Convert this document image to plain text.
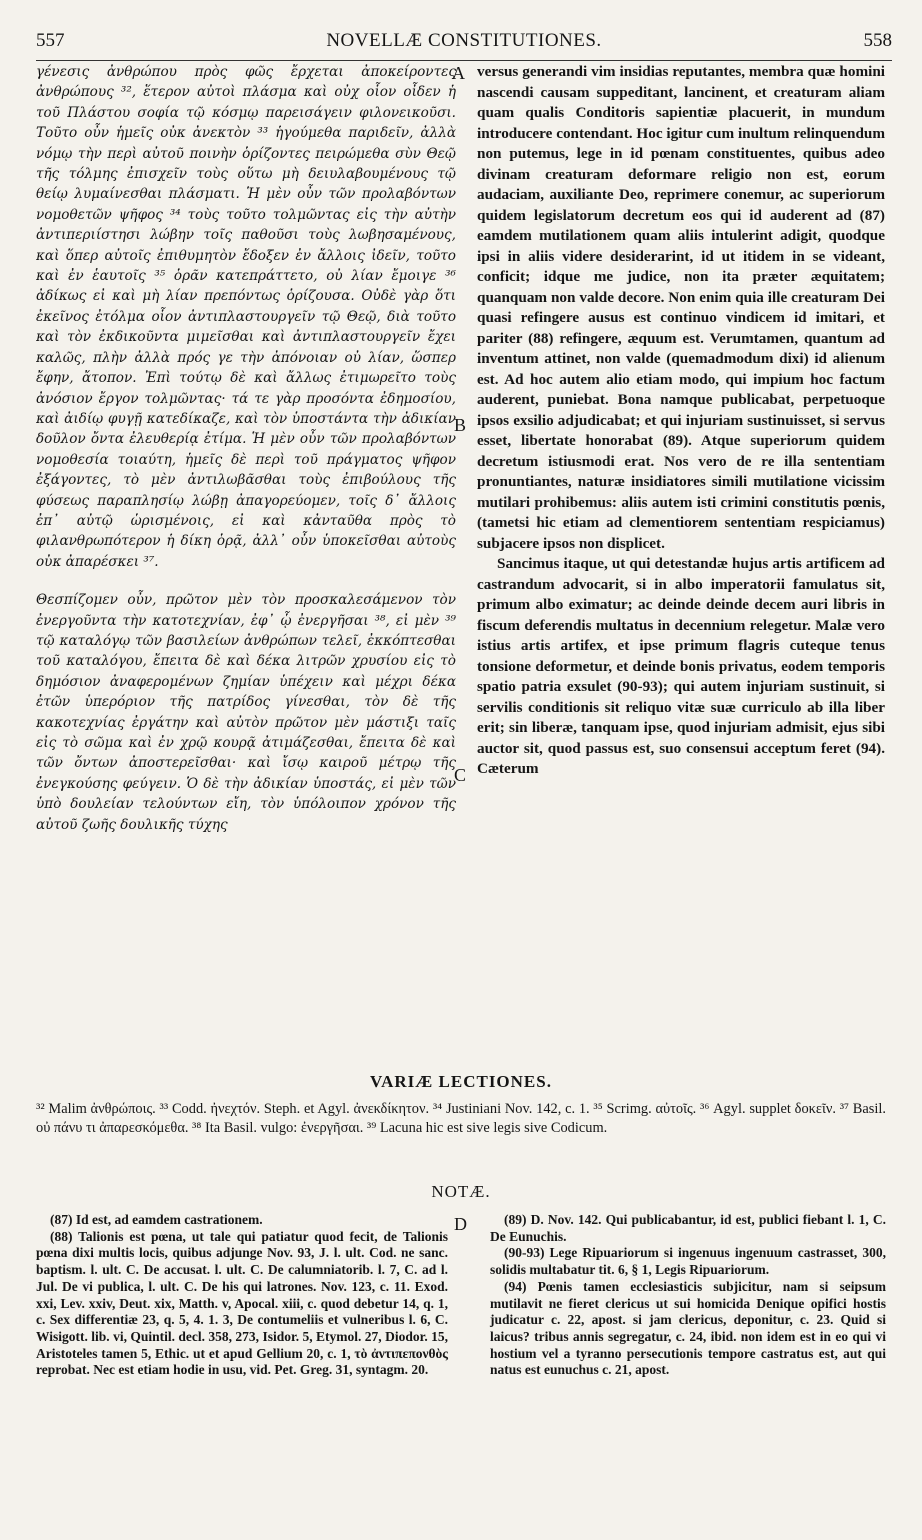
557	NOVELLÆ CONSTITUTIONES.	558

γένεσις ἀνθρώπου πρὸς φῶς ἔρχεται ἀποκείροντες ἀνθρώπους ³², ἕτερον αὐτοὶ πλάσμα καὶ οὐχ οἷον οἶδεν ἡ τοῦ Πλάστου σοφία τῷ κόσμῳ παρεισάγειν φιλονεικοῦσι. Τοῦτο οὖν ἡμεῖς οὐκ ἀνεκτὸν ³³ ἡγούμεθα παριδεῖν, ἀλλὰ νόμῳ τὴν περὶ αὐτοῦ ποινὴν ὁρίζοντες πειρώμεθα σὺν Θεῷ τῆς τόλμης ἐπισχεῖν τοὺς οὕτω μὴ δειυλαβουμένους τῷ θείῳ λυμαίνεσθαι πλάσματι. Ἡ μὲν οὖν τῶν προλαβόντων νομοθετῶν ψῆφος ³⁴ τοὺς τοῦτο τολμῶντας εἰς τὴν αὐτὴν ἀντιπεριίστησι λώβην τοῖς παθοῦσι τοὺς λωβησαμένους, καὶ ὅπερ αὐτοῖς ἐπιθυμητὸν ἔδοξεν ἐν ἄλλοις ἰδεῖν, τοῦτο καὶ ἐν ἑαυτοῖς ³⁵ ὁρᾶν κατεπράττετο, οὐ λίαν ἔμοιγε ³⁶ ἀδίκως εἰ καὶ μὴ λίαν πρεπόντως ὁρίζουσα. Οὐδὲ γὰρ ὅτι ἐκεῖνος ἐτόλμα οἷον ἀντιπλαστουργεῖν τῷ Θεῷ, διὰ τοῦτο καὶ τὸν ἐκδικοῦντα μιμεῖσθαι καὶ ἀντιπλαστουργεῖν ἔχει καλῶς, πλὴν ἀλλὰ πρός γε τὴν ἀπόνοιαν οὐ λίαν, ὥσπερ ἔφην, ἄτοπον. Ἐπὶ τούτῳ δὲ καὶ ἄλλως ἐτιμωρεῖτο τοὺς ἀνόσιον ἔργον τολμῶντας· τά τε γὰρ προσόντα ἐδημοσίου, καὶ ἀιδίῳ φυγῇ κατεδίκαζε, καὶ τὸν ὑποστάντα τὴν ἀδικίαν δοῦλον ὄντα ἐλευθερίᾳ ἐτίμα. Ἡ μὲν οὖν τῶν προλαβόντων νομοθεσία τοιαύτη, ἡμεῖς δὲ περὶ τοῦ πράγματος ψῆφον ἐξάγοντες, τὸ μὲν ἀντιλωβᾶσθαι τοὺς ἐπιβούλους τῆς φύσεως παραπλησίῳ λώβῃ ἀπαγορεύομεν, τοῖς δ᾽ ἄλλοις ἐπ᾽ αὐτῷ ὡρισμένοις, εἰ καὶ κἀνταῦθα πρὸς τὸ φιλανθρωπότερον ἡ δίκη ὁρᾷ, ἀλλ᾽ οὖν ὑποκεῖσθαι αὐτοὺς οὐκ ἀπαρέσκει ³⁷.

Θεσπίζομεν οὖν, πρῶτον μὲν τὸν προσκαλεσάμενον τὸν ἐνεργοῦντα τὴν κατοτεχνίαν, ἐφ᾽ ᾧ ἐνεργῆσαι ³⁸, εἰ μὲν ³⁹ τῷ καταλόγῳ τῶν βασιλείων ἀνθρώπων τελεῖ, ἐκκόπτεσθαι τοῦ καταλόγου, ἔπειτα δὲ καὶ δέκα λιτρῶν χρυσίου εἰς τὸ δημόσιον ἀναφερομένων ζημίαν ὑπέχειν καὶ μέχρι δέκα ἐτῶν ὑπερόριον τῆς πατρίδος γίνεσθαι, τὸν δὲ τῆς κακοτεχνίας ἐργάτην καὶ αὐτὸν πρῶτον μὲν μάστιξι ταῖς εἰς τὸ σῶμα καὶ ἐν χρῷ κουρᾷ ἀτιμάζεσθαι, ἔπειτα δὲ καὶ τῶν ὄντων ἀποστερεῖσθαι· καὶ ἴσῳ καιροῦ μέτρῳ τῆς ἐνεγκούσης φεύγειν. Ὁ δὲ τὴν ἀδικίαν ὑποστάς, εἰ μὲν τῶν ὑπὸ δουλείαν τελούντων εἴη, τὸν ὑπόλοιπον χρόνον τῆς αὐτοῦ ζωῆς δουλικῆς τύχης

A
B
C

versus generandi vim insidias reputantes, membra quæ homini nascendi causam suppeditant, lancinent, et creaturam aliam quam qualis Conditoris sapientiæ placuerit, in mundum introducere contendant. Hoc igitur cum inultum relinquendum non putemus, lege in id pœnam constituentes, quibus adeo divinam creaturam deformare religio non est, eorum audaciam, auxiliante Deo, reprimere conemur, ac superiorum quidem legislatorum decretum eos qui id auderent ad (87) eamdem mutilationem quam aliis intulerint adigit, quodque ipsi in aliis videre desiderarint, id ut itidem in se videant, conficit; idque me judice, non ita præter æquitatem; quanquam non valde decore. Non enim quia ille creaturam Dei quasi refingere ausus est continuo vindicem id imitari, et pariter (88) refingere, æquum est. Verumtamen, quantum ad inventum attinet, non valde (quemadmodum dixi) id alienum est. Ad hoc autem alio etiam modo, qui impium hoc factum auderent, puniebat. Bona namque publicabat, perpetuoque ipsos exsilio adjudicabat; et qui injuriam sustinuisset, si servus esset, libertate honorabat (89). Atque superiorum quidem decretum istiusmodi erat. Nos vero de re illa sententiam pronuntiantes, naturæ insidiatores simili mutilatione vicissim mutilari prohibemus: aliis autem isti crimini constitutis pœnis, (tametsi hic etiam ad clementiorem sententiam respiciamus) subjacere ipsos non displicet.

Sancimus itaque, ut qui detestandæ hujus artis artificem ad castrandum advocarit, si in albo imperatorii famulatus sit, primum albo eximatur; ac deinde deinde decem auri libris in fiscum deferendis multatus in decennium relegetur. Malæ vero istius artis artifex, et ipse primum flagris cuteque tenus tonsione deformetur, et deinde bonis privatus, eodem temporis spatio patria exsulet (90-93); qui autem injuriam sustinuit, si servilis conditionis sit reliquo vitæ suæ curriculo ab illa liber erit; sin liberæ, tanquam ipse, quod injuriam admisit, ejus sibi auctor sit, quod passus est, suo consensui acceptum feret (94). Cæterum

VARIÆ LECTIONES.

³² Malim ἀνθρώποις. ³³ Codd. ἠνεχτόν. Steph. et Agyl. ἀνεκδίκητον. ³⁴ Justiniani Nov. 142, c. 1. ³⁵ Scrimg. αὐτοῖς. ³⁶ Agyl. supplet δοκεῖν. ³⁷ Basil. οὐ πάνυ τι ἀπαρεσκόμεθα. ³⁸ Ita Basil. vulgo: ἐνεργῆσαι. ³⁹ Lacuna hic est sive legis sive Codicum.

NOTÆ.
D

(87) Id est, ad eamdem castrationem.

(88) Talionis est pœna, ut tale qui patiatur quod fecit, de Talionis pœna dixi multis locis, quibus adjunge Nov. 93, J. l. ult. Cod. ne sanc. baptism. l. ult. C. De accusat. l. ult. C. De calumniatorib. l. 7, C. ad l. Jul. De vi publica, l. ult. C. De his qui latrones. Nov. 123, c. 11. Exod. xxi, Lev. xxiv, Deut. xix, Matth. v, Apocal. xiii, c. quod debetur 14, q. 1, c. Sex differentiæ 23, q. 5, 4. 1. 3, De contumeliis et vulneribus l. 6, C. Wisigott. lib. vi, Quintil. decl. 358, 273, Isidor. 5, Etymol. 27, Diodor. 15, Aristoteles tamen 5, Ethic. ut et apud Gellium 20, c. 1, τὸ ἀντιπεπονθὸς reprobat. Nec est etiam hodie in usu, vid. Pet. Greg. 31, syntagm. 20.

(89) D. Nov. 142. Qui publicabantur, id est, publici fiebant l. 1, C. De Eunuchis.

(90-93) Lege Ripuariorum si ingenuus ingenuum castrasset, 300, solidis multabatur tit. 6, § 1, Legis Ripuariorum.

(94) Pœnis tamen ecclesiasticis subjicitur, nam si seipsum mutilavit ne fieret clericus ut sui homicida Denique opifici hostis judicatur c. 22, apost. si jam clericus, deponitur, c. 23. Quid si laicus? tribus annis segregatur, c. 24, ibid. non idem est in eo qui vi hostium vel a tyranno persecutionis tempore castratus est, aut qui natus est eunuchus c. 21, apost.
